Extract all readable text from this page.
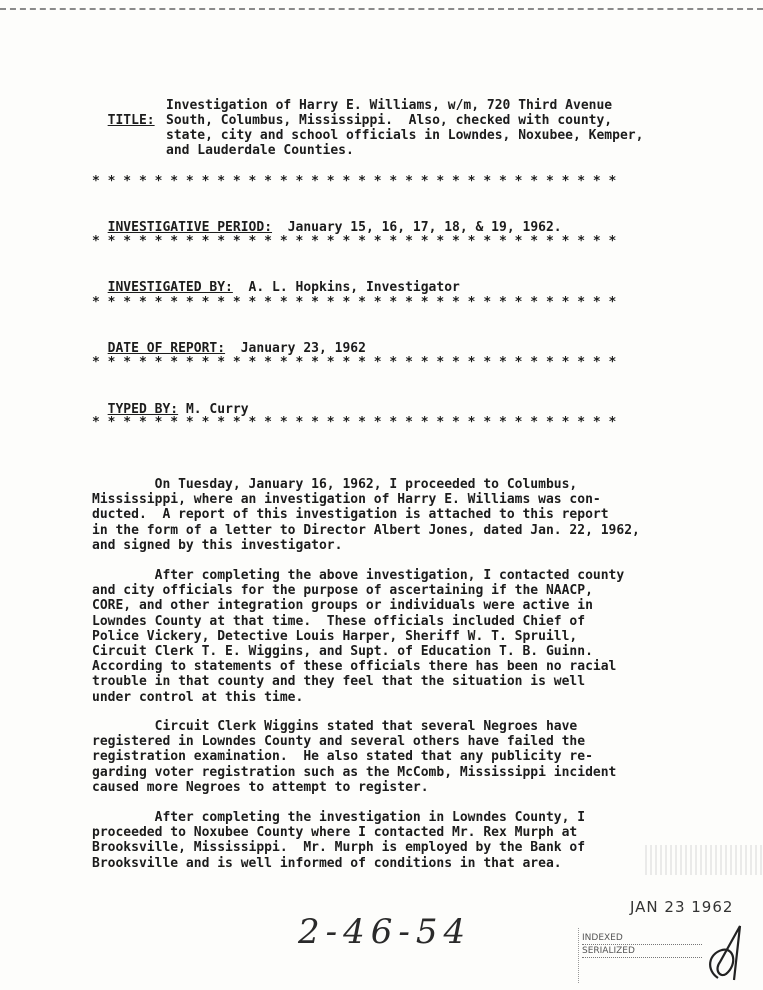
TITLE:

Investigation of Harry E. Williams, w/m, 720 Third Avenue
South, Columbus, Mississippi.  Also, checked with county,
state, city and school officials in Lowndes, Noxubee, Kemper,
and Lauderdale Counties.
* * * * * * * * * * * * * * * * * * * * * * * * * * * * * * * * * *

INVESTIGATIVE PERIOD: January 15, 16, 17, 18, & 19, 1962.

* * * * * * * * * * * * * * * * * * * * * * * * * * * * * * * * * *

INVESTIGATED BY: A. L. Hopkins, Investigator

* * * * * * * * * * * * * * * * * * * * * * * * * * * * * * * * * *

DATE OF REPORT: January 23, 1962

* * * * * * * * * * * * * * * * * * * * * * * * * * * * * * * * * *

TYPED BY: M. Curry

* * * * * * * * * * * * * * * * * * * * * * * * * * * * * * * * * *
On Tuesday, January 16, 1962, I proceeded to Columbus,
Mississippi, where an investigation of Harry E. Williams was con-
ducted.  A report of this investigation is attached to this report
in the form of a letter to Director Albert Jones, dated Jan. 22, 1962,
and signed by this investigator.
After completing the above investigation, I contacted county
and city officials for the purpose of ascertaining if the NAACP,
CORE, and other integration groups or individuals were active in
Lowndes County at that time.  These officials included Chief of
Police Vickery, Detective Louis Harper, Sheriff W. T. Spruill,
Circuit Clerk T. E. Wiggins, and Supt. of Education T. B. Guinn.
According to statements of these officials there has been no racial
trouble in that county and they feel that the situation is well
under control at this time.
Circuit Clerk Wiggins stated that several Negroes have
registered in Lowndes County and several others have failed the
registration examination.  He also stated that any publicity re-
garding voter registration such as the McComb, Mississippi incident
caused more Negroes to attempt to register.
After completing the investigation in Lowndes County, I
proceeded to Noxubee County where I contacted Mr. Rex Murph at
Brooksville, Mississippi.  Mr. Murph is employed by the Bank of
Brooksville and is well informed of conditions in that area.
2-46-54
JAN 23 1962
INDEXED
SERIALIZED
